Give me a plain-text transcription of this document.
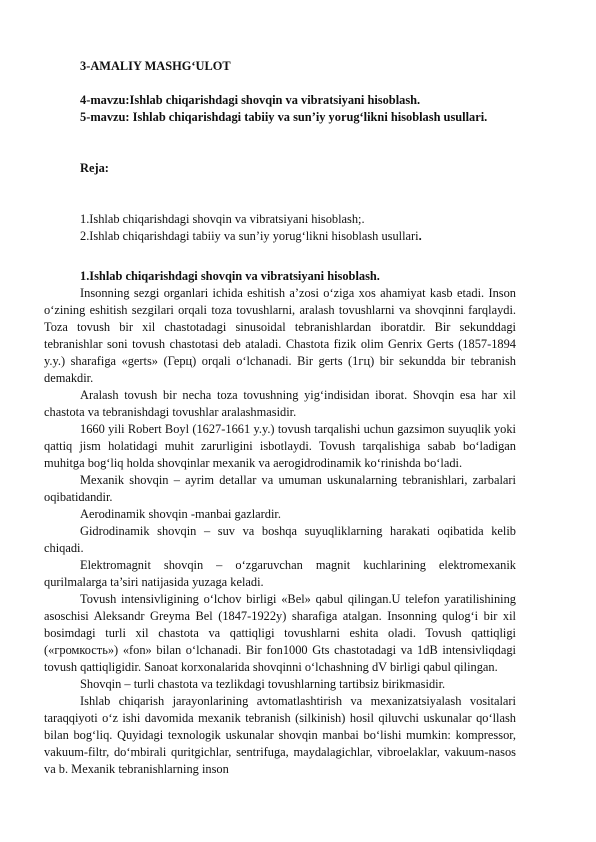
3-AMALIY MASHG‘ULOT

4-mavzu:Ishlab chiqarishdagi shovqin va vibratsiyani hisoblash.

5-mavzu: Ishlab chiqarishdagi tabiiy va sun’iy yorug‘likni hisoblash usullari.

Reja:

1.Ishlab chiqarishdagi shovqin va vibratsiyani hisoblash;.

2.Ishlab chiqarishdagi tabiiy va sun’iy yorug‘likni hisoblash usullari.

1.Ishlab chiqarishdagi shovqin va vibratsiyani hisoblash.

Insonning sezgi organlari ichida eshitish a’zosi o‘ziga xos ahamiyat kasb etadi. Inson o‘zining eshitish sezgilari orqali toza tovushlarni, aralash tovushlarni va shovqinni farqlaydi. Toza tovush bir xil chastotadagi sinusoidal tebranishlardan iboratdir. Bir sekunddagi tebranishlar soni tovush chastotasi deb ataladi. Chastota fizik olim Genrix Gerts (1857-1894 y.y.) sharafiga «gerts» (Герц) orqali o‘lchanadi. Bir gerts (1гц) bir sekundda bir tebranish demakdir.

Aralash tovush bir necha toza tovushning yig‘indisidan iborat. Shovqin esa har xil chastota va tebranishdagi tovushlar aralashmasidir.

1660 yili Robert Boyl (1627-1661 y.y.) tovush tarqalishi uchun gazsimon suyuqlik yoki qattiq jism holatidagi muhit zarurligini isbotlaydi. Tovush tarqalishiga sabab bo‘ladigan muhitga bog‘liq holda shovqinlar mexanik va aerogidrodinamik ko‘rinishda bo‘ladi.

Mexanik shovqin – ayrim detallar va umuman uskunalarning tebranishlari, zarbalari oqibatidandir.

Aerodinamik shovqin -manbai gazlardir.

Gidrodinamik shovqin – suv va boshqa suyuqliklarning harakati oqibatida kelib chiqadi.

Elektromagnit shovqin – o‘zgaruvchan magnit kuchlarining elektromexanik qurilmalarga ta’siri natijasida yuzaga keladi.

Tovush intensivligining o‘lchov birligi «Bel» qabul qilingan.U telefon yaratilishining asoschisi Aleksandr Greyma Bel (1847-1922y) sharafiga atalgan. Insonning qulog‘i bir xil bosimdagi turli xil chastota va qattiqligi tovushlarni eshita oladi. Tovush qattiqligi («громкость») «fon» bilan o‘lchanadi. Bir fon1000 Gts chastotadagi va 1dB intensivliqdagi tovush qattiqligidir. Sanoat korxonalarida shovqinni o‘lchashning dV birligi qabul qilingan.

Shovqin – turli chastota va tezlikdagi tovushlarning tartibsiz birikmasidir.

Ishlab chiqarish jarayonlarining avtomatlashtirish va mexanizatsiyalash vositalari taraqqiyoti o‘z ishi davomida mexanik tebranish (silkinish) hosil qiluvchi uskunalar qo‘llash bilan bog‘liq. Quyidagi texnologik uskunalar shovqin manbai bo‘lishi mumkin: kompressor, vakuum-filtr, do‘mbirali quritgichlar, sentrifuga, maydalagichlar, vibroelaklar, vakuum-nasos va b. Mexanik tebranishlarning inson
